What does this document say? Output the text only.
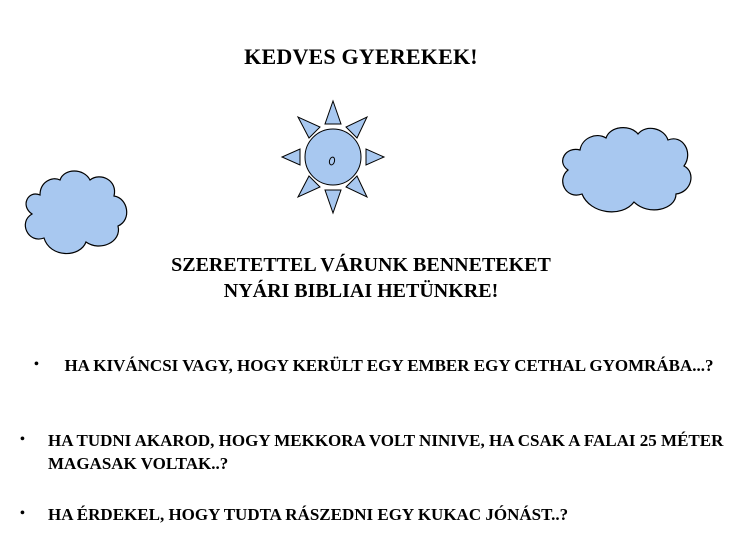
KEDVES GYEREKEK!
SZERETETTEL VÁRUNK BENNETEKET
NYÁRI BIBLIAI HETÜNKRE!
•	HA KIVÁNCSI VAGY, HOGY KERÜLT EGY EMBER EGY CETHAL GYOMRÁBA...?

• HA TUDNI AKAROD, HOGY MEKKORA VOLT NINIVE, HA CSAK A FALAI 25 MÉTER MAGASAK VOLTAK..?

• HA ÉRDEKEL, HOGY TUDTA RÁSZEDNI EGY KUKAC JÓNÁST..?
